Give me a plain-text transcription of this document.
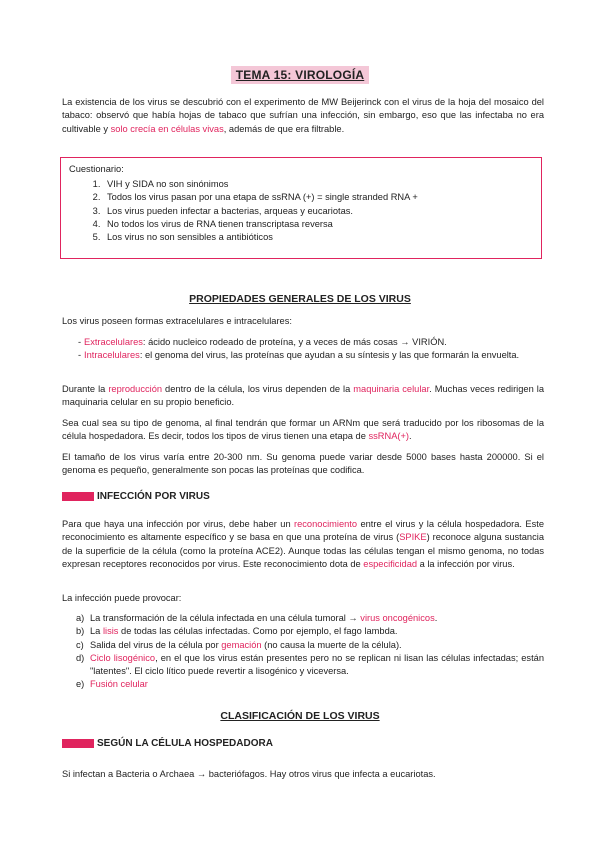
TEMA 15: VIROLOGÍA

La existencia de los virus se descubrió con el experimento de MW Beijerinck con el virus de la hoja del mosaico del tabaco: observó que había hojas de tabaco que sufrían una infección, sin embargo, eso que las infectaba no era cultivable y solo crecía en células vivas, además de que era filtrable.

Cuestionario:

1. VIH y SIDA no son sinónimos
2. Todos los virus pasan por una etapa de ssRNA (+) = single stranded RNA +
3. Los virus pueden infectar a bacterias, arqueas y eucariotas.
4. No todos los virus de RNA tienen transcriptasa reversa
5. Los virus no son sensibles a antibióticos
PROPIEDADES GENERALES DE LOS VIRUS

Los virus poseen formas extracelulares e intracelulares:

- Extracelulares: ácido nucleico rodeado de proteína, y a veces de más cosas → VIRIÓN.
- Intracelulares: el genoma del virus, las proteínas que ayudan a su síntesis y las que formarán la envuelta.

Durante la reproducción dentro de la célula, los virus dependen de la maquinaria celular. Muchas veces redirigen la maquinaria celular en su propio beneficio.

Sea cual sea su tipo de genoma, al final tendrán que formar un ARNm que será traducido por los ribosomas de la célula hospedadora. Es decir, todos los tipos de virus tienen una etapa de ssRNA(+).

El tamaño de los virus varía entre 20-300 nm. Su genoma puede variar desde 5000 bases hasta 200000. Si el genoma es pequeño, generalmente son pocas las proteínas que codifica.

INFECCIÓN POR VIRUS

Para que haya una infección por virus, debe haber un reconocimiento entre el virus y la célula hospedadora. Este reconocimiento es altamente específico y se basa en que una proteína de virus (SPIKE) reconoce alguna sustancia de la superficie de la célula (como la proteína ACE2). Aunque todas las células tengan el mismo genoma, no todas expresan receptores reconocidos por virus. Este reconocimiento dota de especificidad a la infección por virus.

La infección puede provocar:

a) La transformación de la célula infectada en una célula tumoral → virus oncogénicos.
b) La lisis de todas las células infectadas. Como por ejemplo, el fago lambda.
c) Salida del virus de la célula por gemación (no causa la muerte de la célula).
d) Ciclo lisogénico, en el que los virus están presentes pero no se replican ni lisan las células infectadas; están "latentes". El ciclo lítico puede revertir a lisogénico y viceversa.
e) Fusión celular
CLASIFICACIÓN DE LOS VIRUS
SEGÚN LA CÉLULA HOSPEDADORA

Si infectan a Bacteria o Archaea → bacteriófagos. Hay otros virus que infecta a eucariotas.
